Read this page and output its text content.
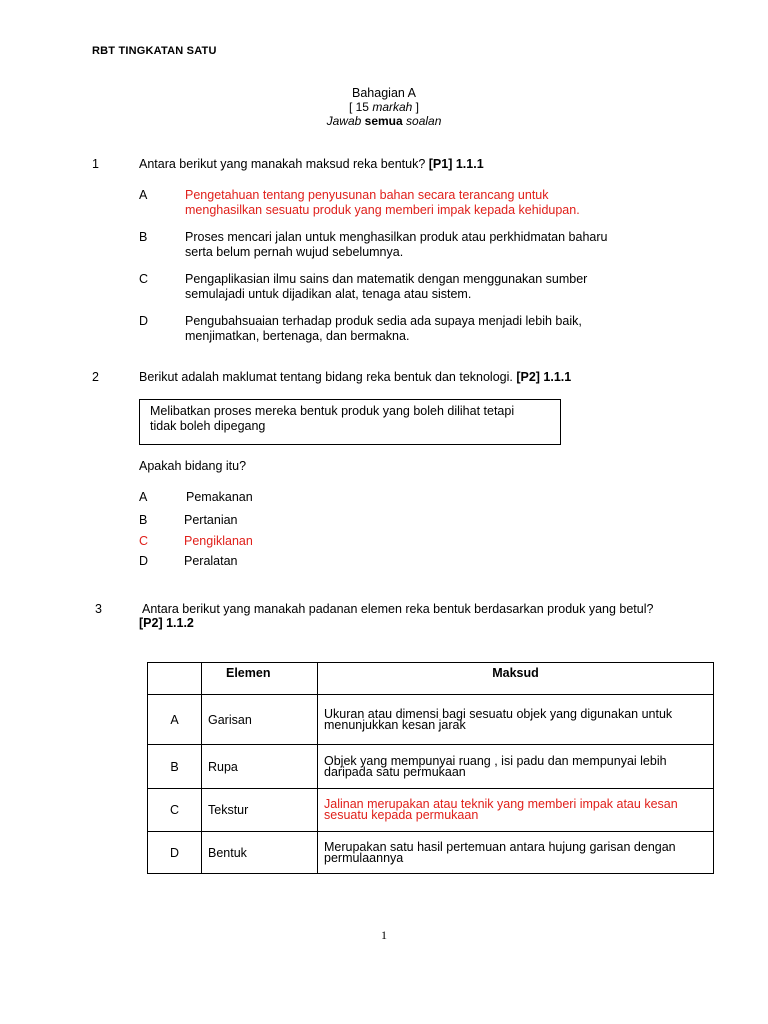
RBT TINGKATAN SATU
Bahagian A
[ 15 markah ]
Jawab semua soalan
1	Antara berikut yang manakah maksud reka bentuk? [P1] 1.1.1
A	Pengetahuan tentang penyusunan bahan secara terancang untuk
menghasilkan sesuatu produk yang memberi impak kepada kehidupan.
B	Proses mencari jalan untuk menghasilkan produk atau perkhidmatan baharu
serta belum pernah wujud sebelumnya.
C	Pengaplikasian ilmu sains dan matematik dengan menggunakan sumber
semulajadi untuk dijadikan alat, tenaga atau sistem.
D	Pengubahsuaian terhadap produk sedia ada supaya menjadi lebih baik,
menjimatkan, bertenaga, dan bermakna.
2	Berikut adalah maklumat tentang bidang reka bentuk dan teknologi. [P2] 1.1.1
Melibatkan proses mereka bentuk produk yang boleh dilihat tetapi
tidak boleh dipegang
Apakah bidang itu?
A	Pemakanan
B	Pertanian
C	Pengiklanan
D	Peralatan
3	Antara berikut yang manakah padanan elemen reka bentuk berdasarkan produk yang betul?
[P2] 1.1.2
	Elemen	Maksud
A	Garisan	Ukuran atau dimensi bagi sesuatu objek yang digunakan untuk
menunjukkan kesan jarak

B	Rupa	Objek yang mempunyai ruang , isi padu dan mempunyai lebih
daripada satu permukaan

C	Tekstur	Jalinan merupakan atau teknik yang memberi impak atau kesan
sesuatu kepada permukaan

D	Bentuk	Merupakan satu hasil pertemuan antara hujung garisan dengan
permulaannya
1
